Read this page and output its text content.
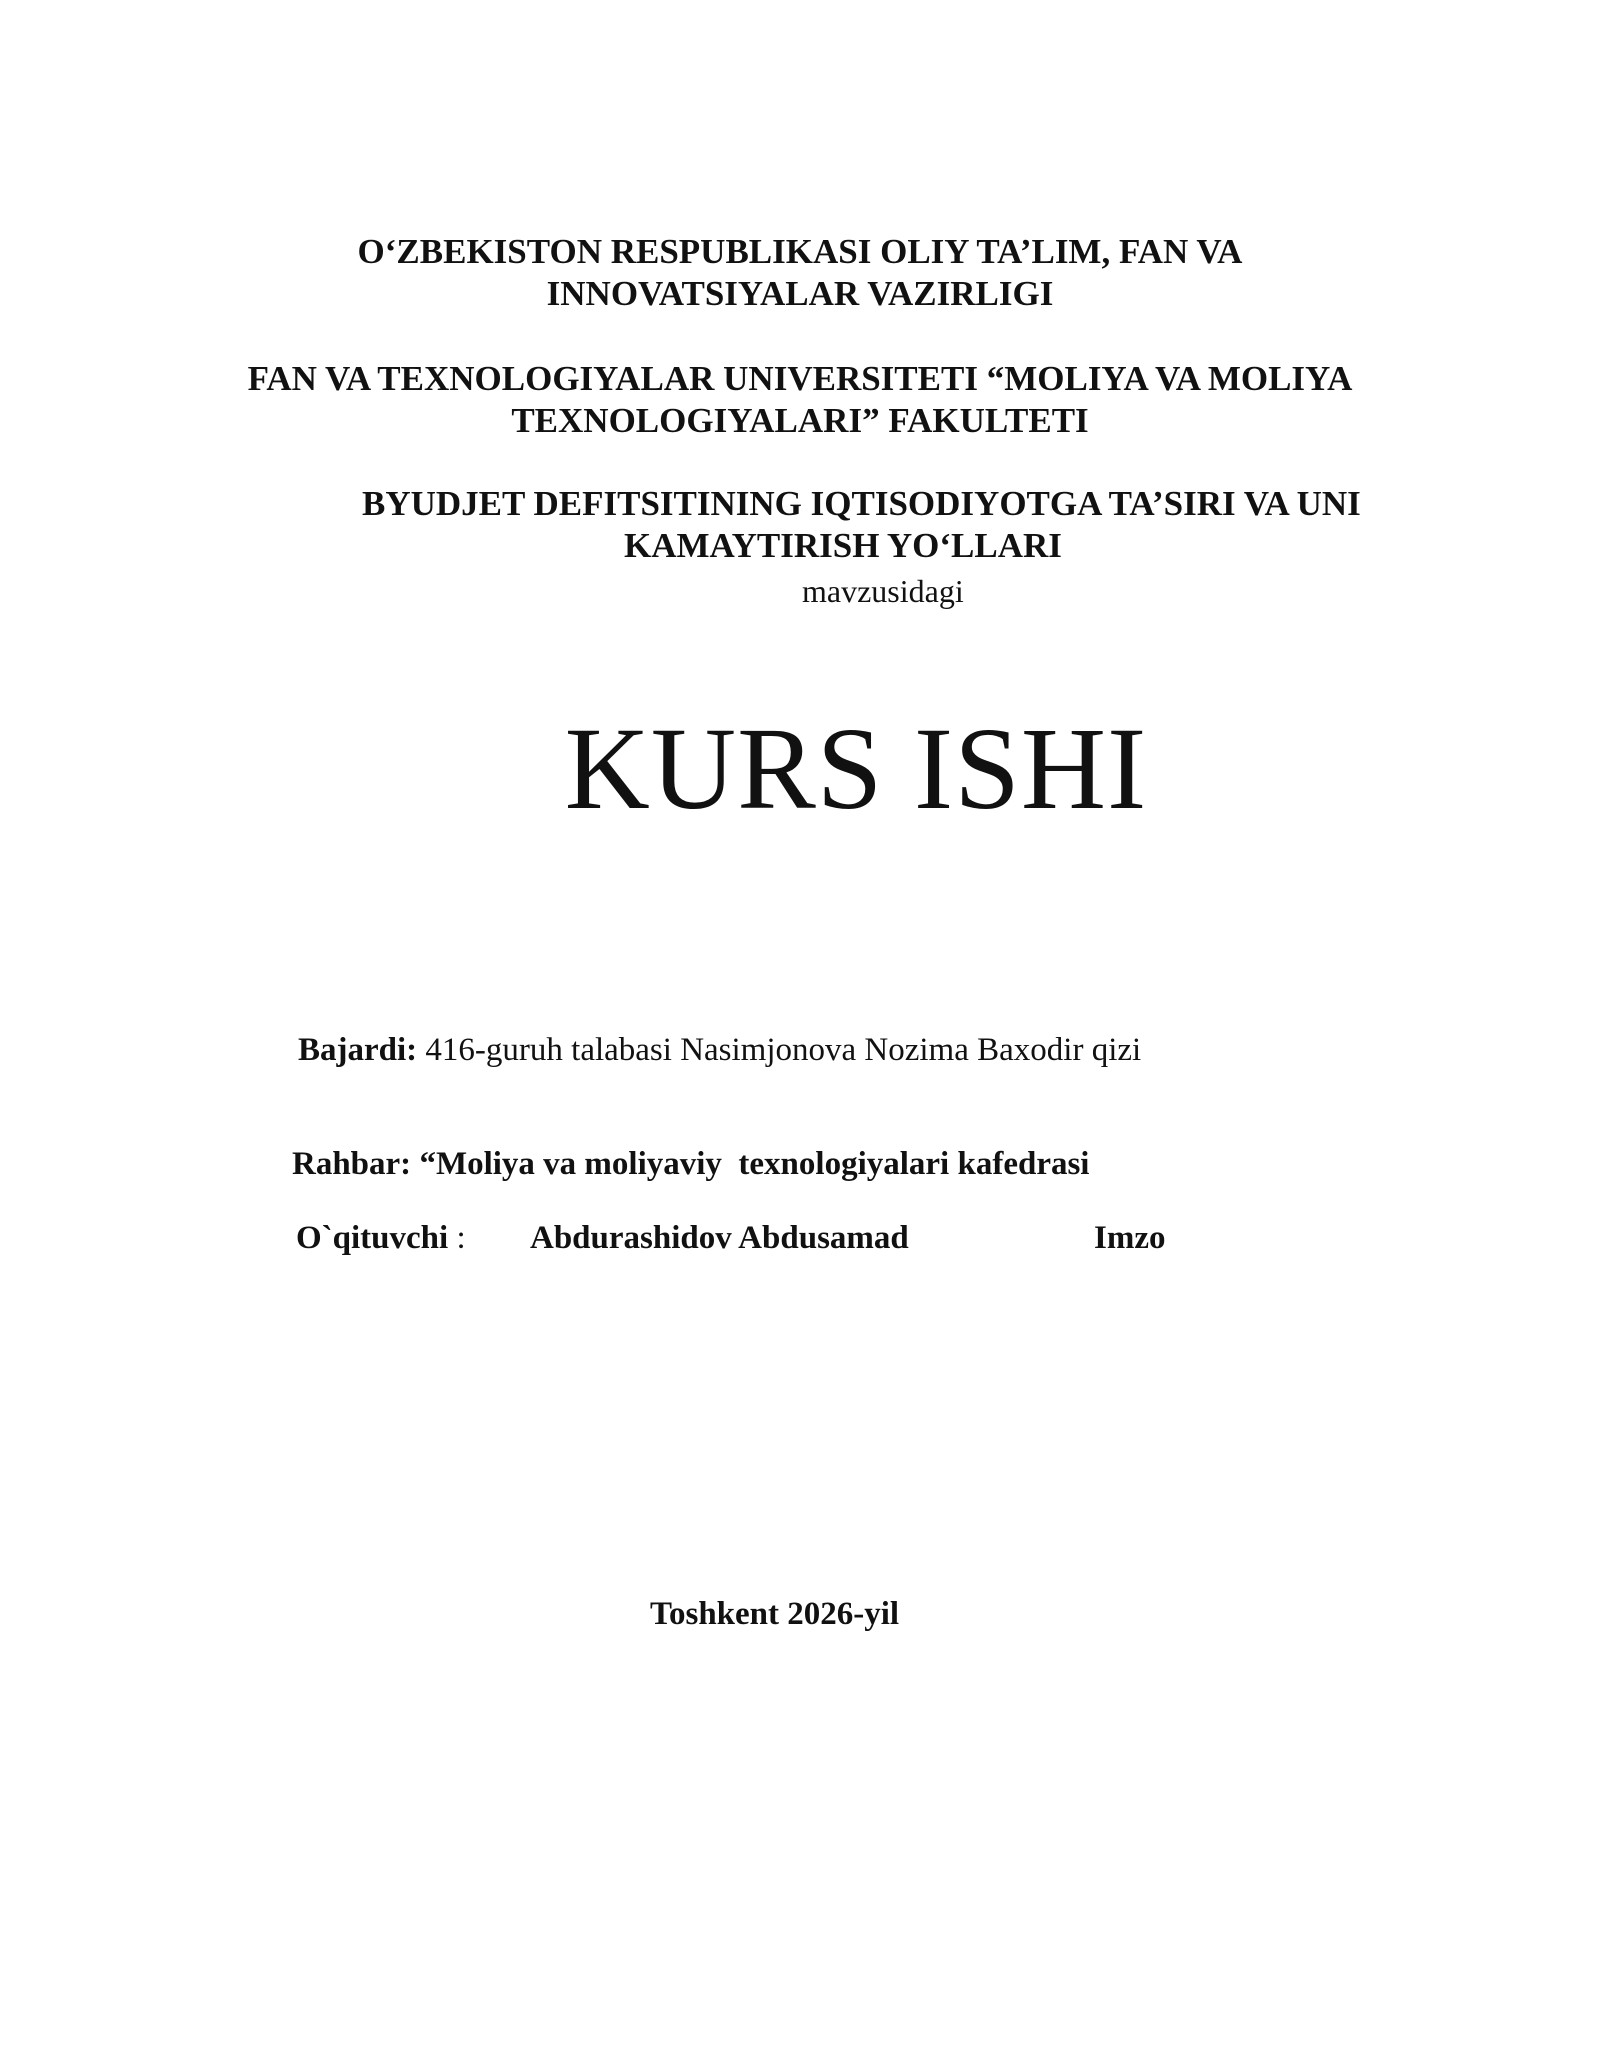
O‘ZBEKISTON RESPUBLIKASI OLIY TA’LIM, FAN VA
INNOVATSIYALAR VAZIRLIGI
FAN VA TEXNOLOGIYALAR UNIVERSITETI “MOLIYA VA MOLIYA
TEXNOLOGIYALARI” FAKULTETI
BYUDJET DEFITSITINING IQTISODIYOTGA TA’SIRI VA UNI
KAMAYTIRISH YO‘LLARI
mavzusidagi
KURS ISHI
Bajardi: 416-guruh talabasi Nasimjonova Nozima Baxodir qizi
Rahbar: “Moliya va moliyaviy  texnologiyalari kafedrasi
O`qituvchi : Abdurashidov Abdusamad	Imzo
Toshkent 2026-yil
